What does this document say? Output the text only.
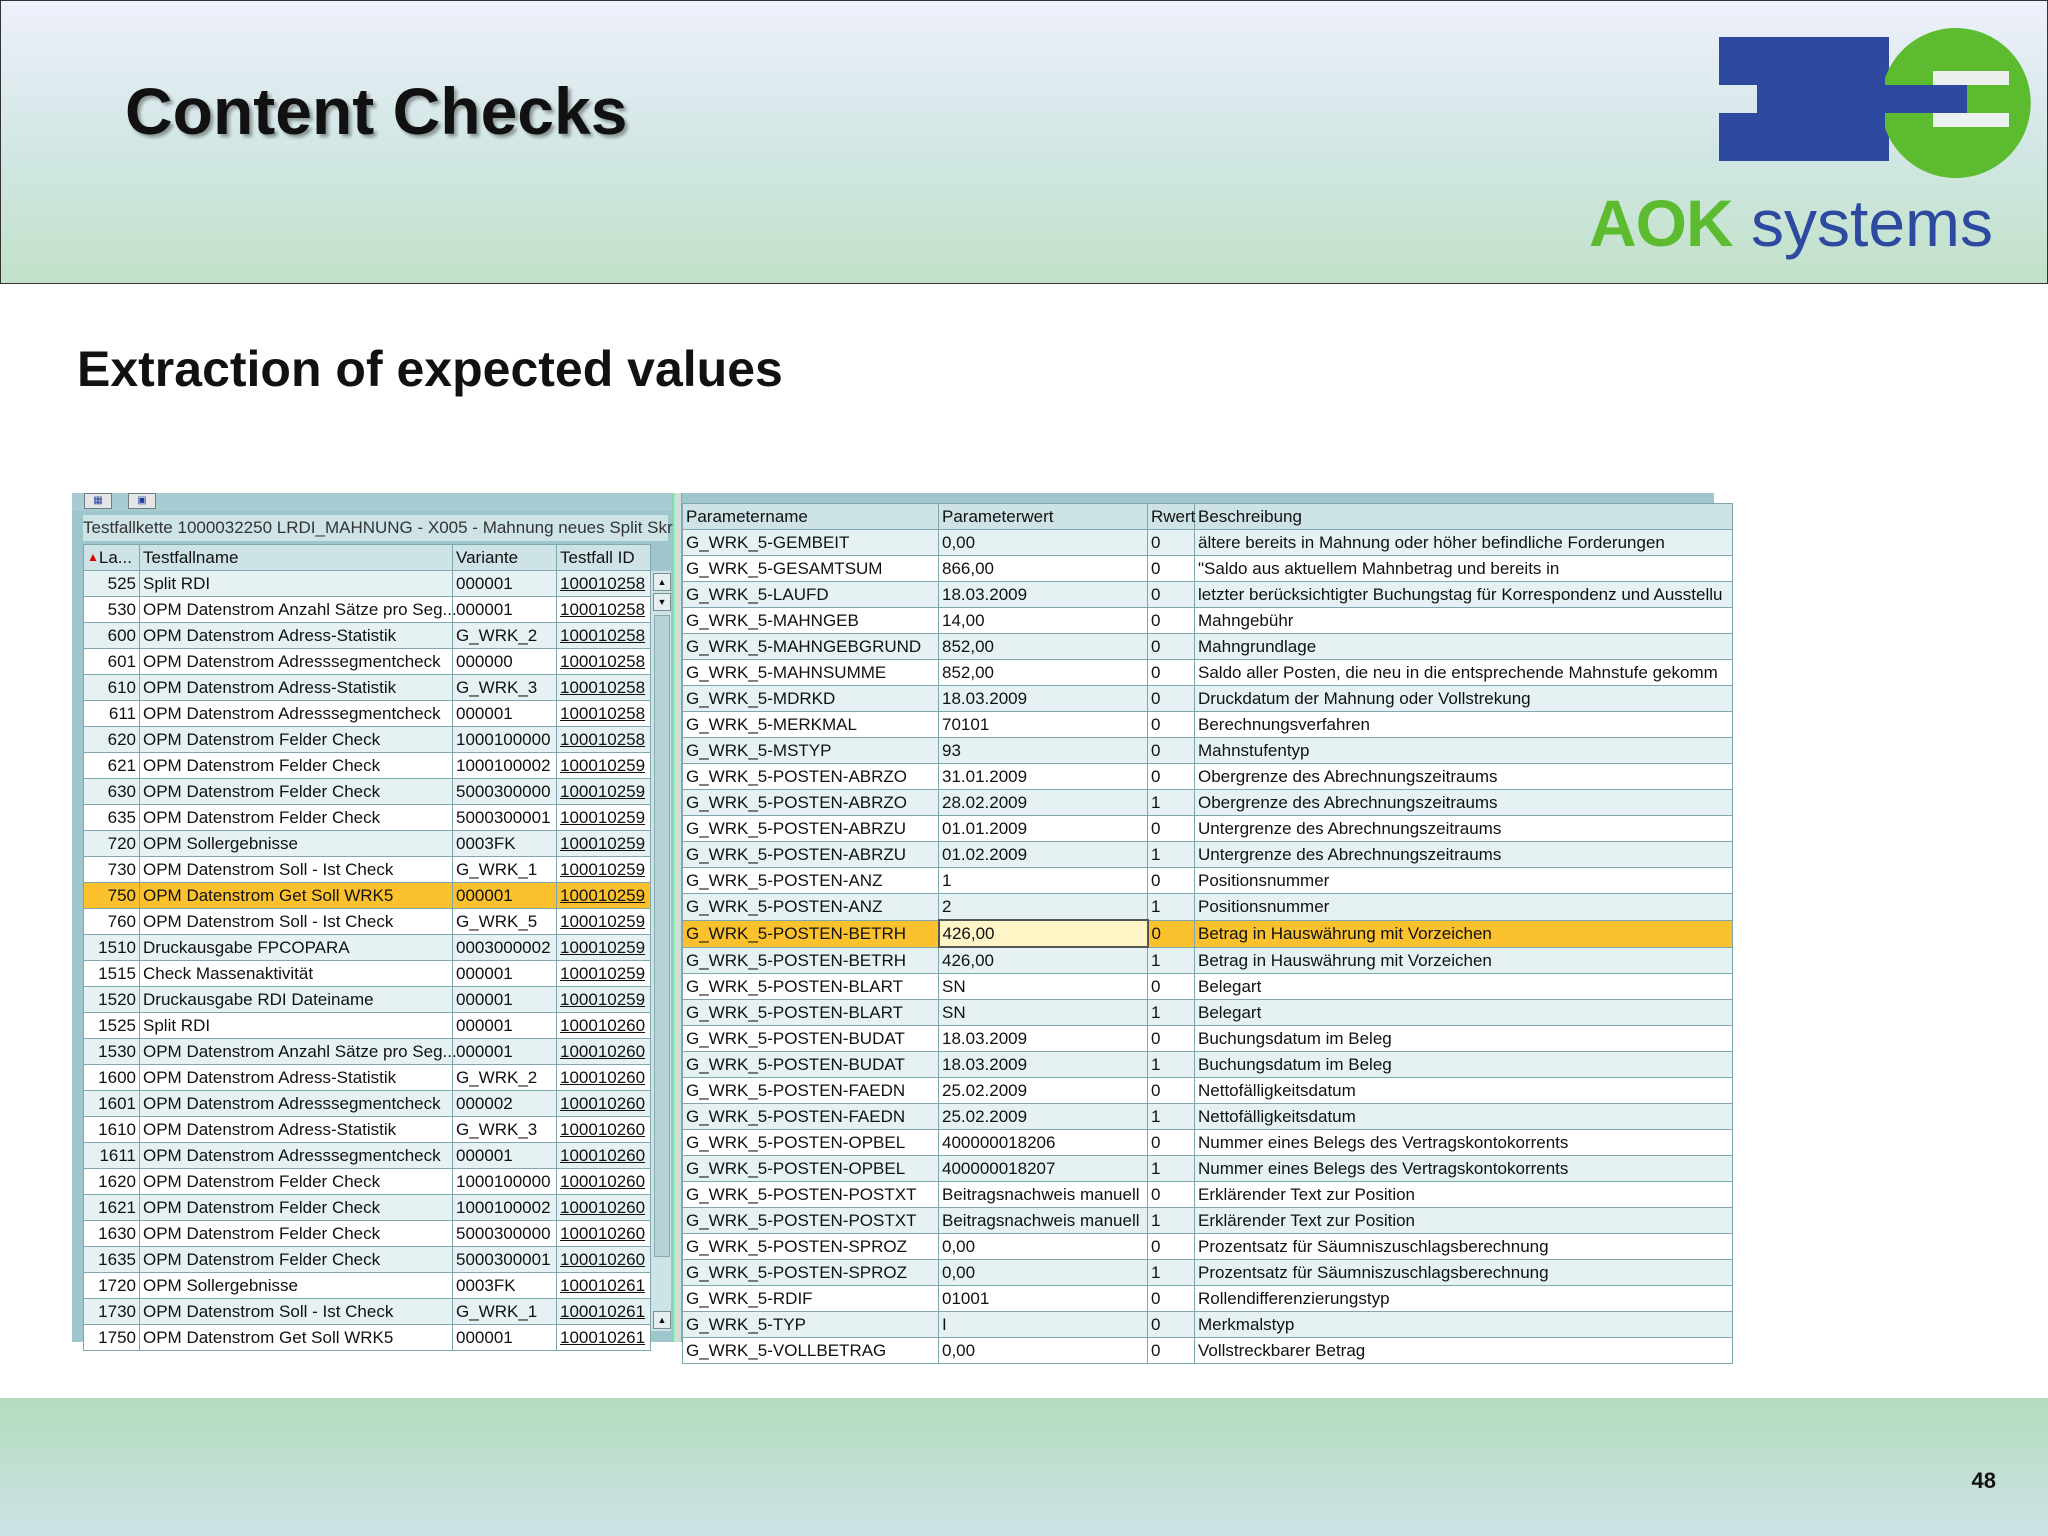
Content Checks
AOK systems
Extraction of expected values
▦	▣
Testfallkette 1000032250 LRDI_MAHNUNG - X005 - Mahnung neues Split Skr
▲La...	Testfallname	Variante	Testfall ID
525	Split RDI	000001	100010258
530	OPM Datenstrom Anzahl Sätze pro Seg...	000001	100010258
600	OPM Datenstrom Adress-Statistik	G_WRK_2	100010258
601	OPM Datenstrom Adresssegmentcheck	000000	100010258
610	OPM Datenstrom Adress-Statistik	G_WRK_3	100010258
611	OPM Datenstrom Adresssegmentcheck	000001	100010258
620	OPM Datenstrom Felder Check	1000100000	100010258
621	OPM Datenstrom Felder Check	1000100002	100010259
630	OPM Datenstrom Felder Check	5000300000	100010259
635	OPM Datenstrom Felder Check	5000300001	100010259
720	OPM Sollergebnisse	0003FK	100010259
730	OPM Datenstrom Soll - Ist Check	G_WRK_1	100010259
750	OPM Datenstrom Get Soll WRK5	000001	100010259
760	OPM Datenstrom Soll - Ist Check	G_WRK_5	100010259
1510	Druckausgabe FPCOPARA	0003000002	100010259
1515	Check Massenaktivität	000001	100010259
1520	Druckausgabe RDI Dateiname	000001	100010259
1525	Split RDI	000001	100010260
1530	OPM Datenstrom Anzahl Sätze pro Seg...	000001	100010260
1600	OPM Datenstrom Adress-Statistik	G_WRK_2	100010260
1601	OPM Datenstrom Adresssegmentcheck	000002	100010260
1610	OPM Datenstrom Adress-Statistik	G_WRK_3	100010260
1611	OPM Datenstrom Adresssegmentcheck	000001	100010260
1620	OPM Datenstrom Felder Check	1000100000	100010260
1621	OPM Datenstrom Felder Check	1000100002	100010260
1630	OPM Datenstrom Felder Check	5000300000	100010260
1635	OPM Datenstrom Felder Check	5000300001	100010260
1720	OPM Sollergebnisse	0003FK	100010261
1730	OPM Datenstrom Soll - Ist Check	G_WRK_1	100010261
1750	OPM Datenstrom Get Soll WRK5	000001	100010261
▲
▼
▲
Parametername	Parameterwert	Rwert	Beschreibung
G_WRK_5-GEMBEIT	0,00	0	ältere bereits in Mahnung oder höher befindliche Forderungen
G_WRK_5-GESAMTSUM	866,00	0	"Saldo aus aktuellem Mahnbetrag und bereits in
G_WRK_5-LAUFD	18.03.2009	0	letzter berücksichtigter Buchungstag für Korrespondenz und Ausstellu
G_WRK_5-MAHNGEB	14,00	0	Mahngebühr
G_WRK_5-MAHNGEBGRUND	852,00	0	Mahngrundlage
G_WRK_5-MAHNSUMME	852,00	0	Saldo aller Posten, die neu in die entsprechende Mahnstufe gekomm
G_WRK_5-MDRKD	18.03.2009	0	Druckdatum der Mahnung oder Vollstrekung
G_WRK_5-MERKMAL	70101	0	Berechnungsverfahren
G_WRK_5-MSTYP	93	0	Mahnstufentyp
G_WRK_5-POSTEN-ABRZO	31.01.2009	0	Obergrenze des Abrechnungszeitraums
G_WRK_5-POSTEN-ABRZO	28.02.2009	1	Obergrenze des Abrechnungszeitraums
G_WRK_5-POSTEN-ABRZU	01.01.2009	0	Untergrenze des Abrechnungszeitraums
G_WRK_5-POSTEN-ABRZU	01.02.2009	1	Untergrenze des Abrechnungszeitraums
G_WRK_5-POSTEN-ANZ	1	0	Positionsnummer
G_WRK_5-POSTEN-ANZ	2	1	Positionsnummer
G_WRK_5-POSTEN-BETRH	426,00	0	Betrag in Hauswährung mit Vorzeichen
G_WRK_5-POSTEN-BETRH	426,00	1	Betrag in Hauswährung mit Vorzeichen
G_WRK_5-POSTEN-BLART	SN	0	Belegart
G_WRK_5-POSTEN-BLART	SN	1	Belegart
G_WRK_5-POSTEN-BUDAT	18.03.2009	0	Buchungsdatum im Beleg
G_WRK_5-POSTEN-BUDAT	18.03.2009	1	Buchungsdatum im Beleg
G_WRK_5-POSTEN-FAEDN	25.02.2009	0	Nettofälligkeitsdatum
G_WRK_5-POSTEN-FAEDN	25.02.2009	1	Nettofälligkeitsdatum
G_WRK_5-POSTEN-OPBEL	400000018206	0	Nummer eines Belegs des Vertragskontokorrents
G_WRK_5-POSTEN-OPBEL	400000018207	1	Nummer eines Belegs des Vertragskontokorrents
G_WRK_5-POSTEN-POSTXT	Beitragsnachweis manuell	0	Erklärender Text zur Position
G_WRK_5-POSTEN-POSTXT	Beitragsnachweis manuell	1	Erklärender Text zur Position
G_WRK_5-POSTEN-SPROZ	0,00	0	Prozentsatz für Säumniszuschlagsberechnung
G_WRK_5-POSTEN-SPROZ	0,00	1	Prozentsatz für Säumniszuschlagsberechnung
G_WRK_5-RDIF	01001	0	Rollendifferenzierungstyp
G_WRK_5-TYP	I	0	Merkmalstyp
G_WRK_5-VOLLBETRAG	0,00	0	Vollstreckbarer Betrag
48
